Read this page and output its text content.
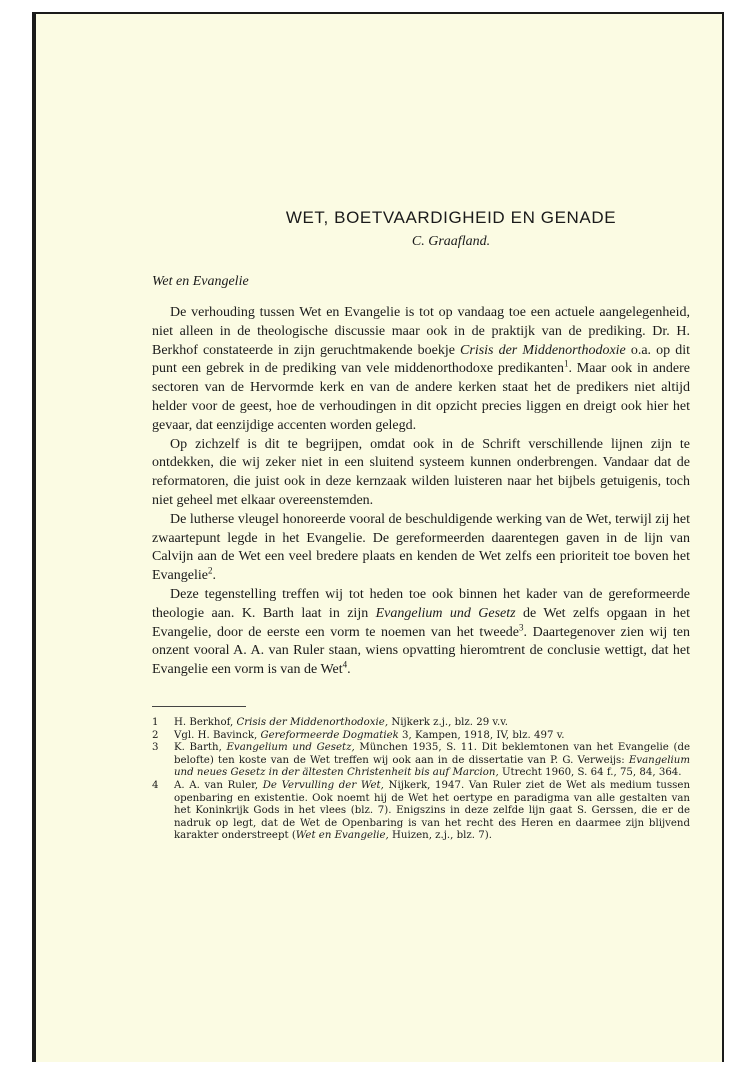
WET, BOETVAARDIGHEID EN GENADE
C. Graafland.
Wet en Evangelie

De verhouding tussen Wet en Evangelie is tot op vandaag toe een actuele aangelegenheid, niet alleen in de theologische discussie maar ook in de praktijk van de prediking. Dr. H. Berkhof constateerde in zijn geruchtmakende boekje Crisis der Middenorthodoxie o.a. op dit punt een gebrek in de prediking van vele middenorthodoxe predikanten$^1$. Maar ook in andere sectoren van de Hervormde kerk en van de andere kerken staat het de predikers niet altijd helder voor de geest, hoe de verhoudingen in dit opzicht precies liggen en dreigt ook hier het gevaar, dat eenzijdige accenten worden gelegd.

Op zichzelf is dit te begrijpen, omdat ook in de Schrift verschillende lijnen zijn te ontdekken, die wij zeker niet in een sluitend systeem kunnen onderbrengen. Vandaar dat de reformatoren, die juist ook in deze kernzaak wilden luisteren naar het bijbels getuigenis, toch niet geheel met elkaar overeenstemden.

De lutherse vleugel honoreerde vooral de beschuldigende werking van de Wet, terwijl zij het zwaartepunt legde in het Evangelie. De gereformeerden daarentegen gaven in de lijn van Calvijn aan de Wet een veel bredere plaats en kenden de Wet zelfs een prioriteit toe boven het Evangelie$^2$.

Deze tegenstelling treffen wij tot heden toe ook binnen het kader van de gereformeerde theologie aan. K. Barth laat in zijn Evangelium und Gesetz de Wet zelfs opgaan in het Evangelie, door de eerste een vorm te noemen van het tweede$^3$. Daartegenover zien wij ten onzent vooral A. A. van Ruler staan, wiens opvatting hieromtrent de conclusie wettigt, dat het Evangelie een vorm is van de Wet$^4$.

1	H. Berkhof, Crisis der Middenorthodoxie, Nijkerk z.j., blz. 29 v.v.
2	Vgl. H. Bavinck, Gereformeerde Dogmatiek 3, Kampen, 1918, IV, blz. 497 v.
3	K. Barth, Evangelium und Gesetz, München 1935, S. 11. Dit beklemtonen van het Evangelie (de belofte) ten koste van de Wet treffen wij ook aan in de dissertatie van P. G. Verweijs: Evangelium und neues Gesetz in der ältesten Christenheit bis auf Marcion, Utrecht 1960, S. 64 f., 75, 84, 364.
4	A. A. van Ruler, De Vervulling der Wet, Nijkerk, 1947. Van Ruler ziet de Wet als medium tussen openbaring en existentie. Ook noemt hij de Wet het oertype en paradigma van alle gestalten van het Koninkrijk Gods in het vlees (blz. 7). Enigszins in deze zelfde lijn gaat S. Gerssen, die er de nadruk op legt, dat de Wet de Openbaring is van het recht des Heren en daarmee zijn blijvend karakter onderstreept (Wet en Evangelie, Huizen, z.j., blz. 7).
